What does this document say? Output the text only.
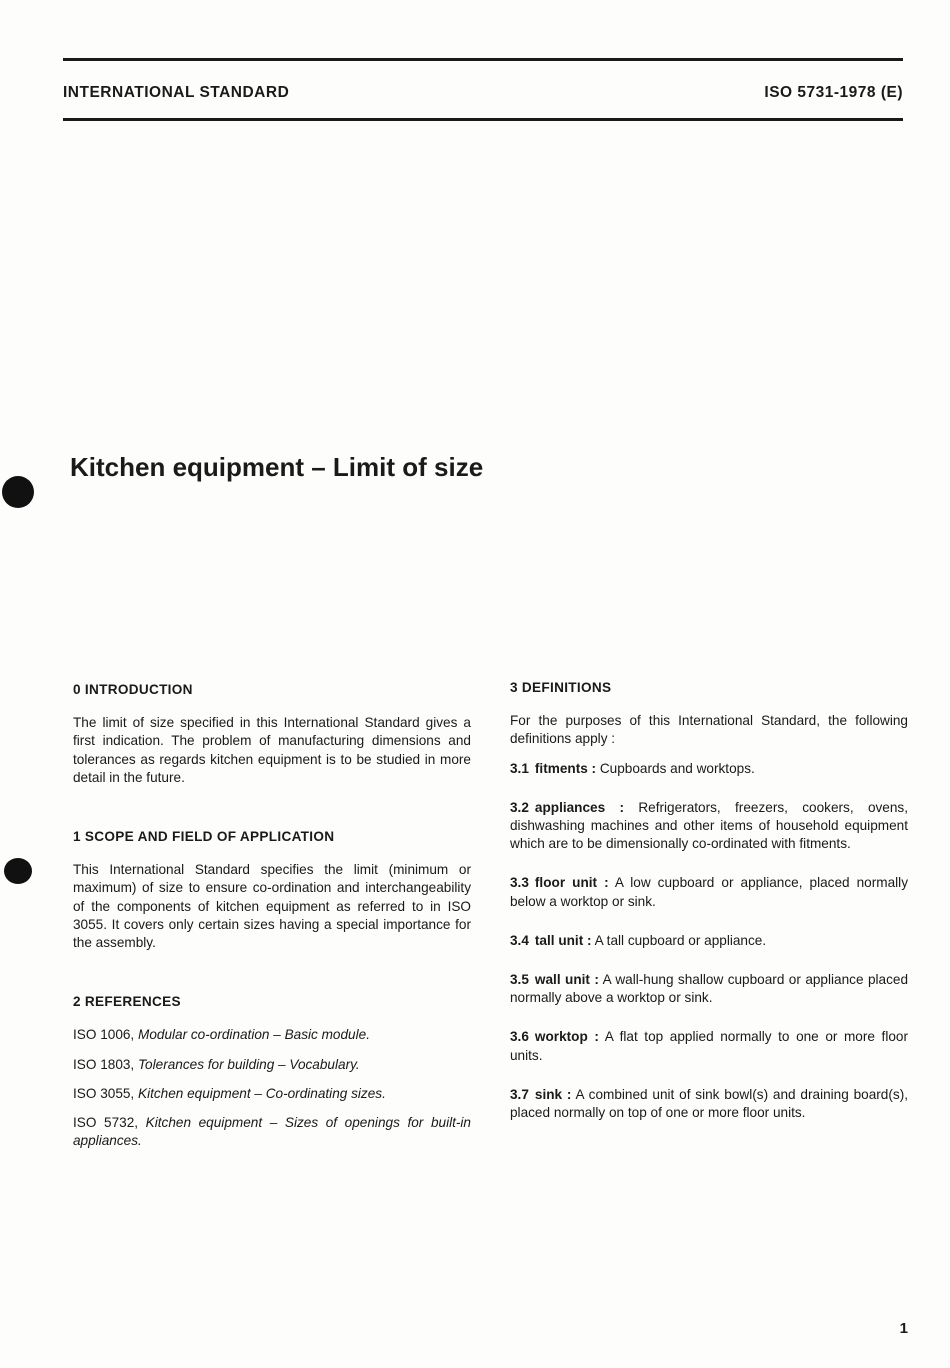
INTERNATIONAL STANDARD	ISO 5731-1978 (E)
Kitchen equipment – Limit of size
0 INTRODUCTION

The limit of size specified in this International Standard gives a first indication. The problem of manufacturing dimensions and tolerances as regards kitchen equipment is to be studied in more detail in the future.

1 SCOPE AND FIELD OF APPLICATION

This International Standard specifies the limit (minimum or maximum) of size to ensure co-ordination and interchangeability of the components of kitchen equipment as referred to in ISO 3055. It covers only certain sizes having a special importance for the assembly.

2 REFERENCES

ISO 1006, Modular co-ordination – Basic module.

ISO 1803, Tolerances for building – Vocabulary.

ISO 3055, Kitchen equipment – Co-ordinating sizes.

ISO 5732, Kitchen equipment – Sizes of openings for built-in appliances.

3 DEFINITIONS

For the purposes of this International Standard, the following definitions apply :

3.1 fitments : Cupboards and worktops.

3.2 appliances : Refrigerators, freezers, cookers, ovens, dishwashing machines and other items of household equipment which are to be dimensionally co-ordinated with fitments.

3.3 floor unit : A low cupboard or appliance, placed normally below a worktop or sink.

3.4 tall unit : A tall cupboard or appliance.

3.5 wall unit : A wall-hung shallow cupboard or appliance placed normally above a worktop or sink.

3.6 worktop : A flat top applied normally to one or more floor units.

3.7 sink : A combined unit of sink bowl(s) and draining board(s), placed normally on top of one or more floor units.

1
